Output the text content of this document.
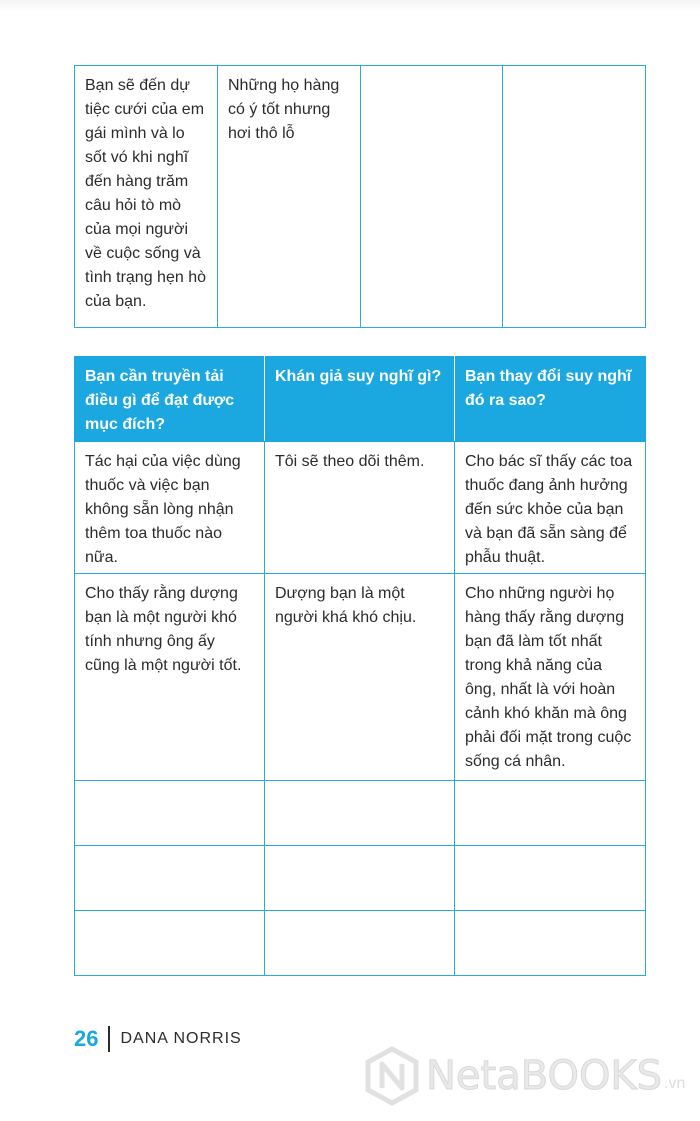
Bạn sẽ đến dự tiệc cưới của em gái mình và lo sốt vó khi nghĩ đến hàng trăm câu hỏi tò mò của mọi người về cuộc sống và tình trạng hẹn hò của bạn.	Những họ hàng có ý tốt nhưng hơi thô lỗ		
Bạn cần truyền tải điều gì để đạt được mục đích?	Khán giả suy nghĩ gì?	Bạn thay đổi suy nghĩ đó ra sao?
Tác hại của việc dùng thuốc và việc bạn không sẵn lòng nhận thêm toa thuốc nào nữa.	Tôi sẽ theo dõi thêm.	Cho bác sĩ thấy các toa thuốc đang ảnh hưởng đến sức khỏe của bạn và bạn đã sẵn sàng để phẫu thuật.
Cho thấy rằng dượng bạn là một người khó tính nhưng ông ấy cũng là một người tốt.	Dượng bạn là một người khá khó chịu.	Cho những người họ hàng thấy rằng dượng bạn đã làm tốt nhất trong khả năng của ông, nhất là với hoàn cảnh khó khăn mà ông phải đối mặt trong cuộc sống cá nhân.

26 DANA NORRIS
NetaBOOKS .vn
